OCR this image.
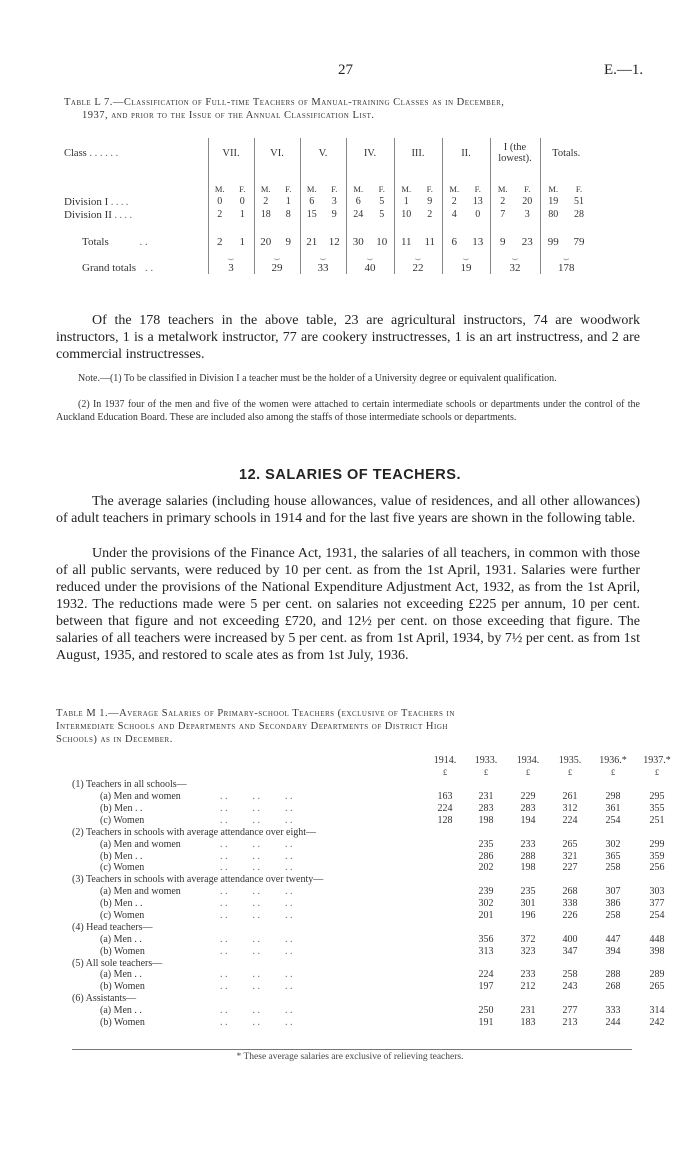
27	E.—1.
Table L 7.—Classification of Full-time Teachers of Manual-training Classes as in December,
1937, and prior to the Issue of the Annual Classification List.
Class . . . . . .	VII.		VI.		V.		IV.		III.		II.		I (the lowest).		Totals.	

	M.	F.	M.	F.	M.	F.	M.	F.	M.	F.	M.	F.	M.	F.	M.	F.
Division I . . . .	0	0	2	1	6	3	6	5	1	9	2	13	2	20	19	51
Division II . . . .	2	1	18	8	15	9	24	5	10	2	4	0	7	3	80	28

Totals . .	2	1	20	9	21	12	30	10	11	11	6	13	9	23	99	79
	⏟		⏟		⏟		⏟		⏟		⏟		⏟		⏟	
Grand totals . .	3		29		33		40		22		19		32		178	
Of the 178 teachers in the above table, 23 are agricultural instructors, 74 are woodwork instructors, 1 is a metalwork instructor, 77 are cookery instructresses, 1 is an art instructress, and 2 are commercial instructresses.
Note.—(1) To be classified in Division I a teacher must be the holder of a University degree or equivalent qualification.
(2) In 1937 four of the men and five of the women were attached to certain intermediate schools or departments under the control of the Auckland Education Board. These are included also among the staffs of those intermediate schools or departments.
12. SALARIES OF TEACHERS.
The average salaries (including house allowances, value of residences, and all other allowances) of adult teachers in primary schools in 1914 and for the last five years are shown in the following table.
Under the provisions of the Finance Act, 1931, the salaries of all teachers, in common with those of all public servants, were reduced by 10 per cent. as from the 1st April, 1931. Salaries were further reduced under the provisions of the National Expenditure Adjustment Act, 1932, as from the 1st April, 1932. The reductions made were 5 per cent. on salaries not exceeding £225 per annum, 10 per cent. between that figure and not exceeding £720, and 12½ per cent. on those exceeding that figure. The salaries of all teachers were increased by 5 per cent. as from 1st April, 1934, by 7½ per cent. as from 1st August, 1935, and restored to scale ates as from 1st July, 1936.
Table M 1.—Average Salaries of Primary-school Teachers (exclusive of Teachers in
Intermediate Schools and Departments and Secondary Departments of District High
Schools) as in December.
	1914.	1933.	1934.	1935.	1936.*	1937.*
	£	£	£	£	£	£
(1) Teachers in all schools—						
(a) Men and women . .          . .          . .	163	231	229	261	298	295
(b) Men . . . .          . .          . .	224	283	283	312	361	355
(c) Women . .          . .          . .	128	198	194	224	254	251
(2) Teachers in schools with average attendance over eight—						
(a) Men and women . .          . .          . .		235	233	265	302	299
(b) Men . . . .          . .          . .		286	288	321	365	359
(c) Women . .          . .          . .		202	198	227	258	256
(3) Teachers in schools with average attendance over twenty—						
(a) Men and women . .          . .          . .		239	235	268	307	303
(b) Men . . . .          . .          . .		302	301	338	386	377
(c) Women . .          . .          . .		201	196	226	258	254
(4) Head teachers—						
(a) Men . . . .          . .          . .		356	372	400	447	448
(b) Women . .          . .          . .		313	323	347	394	398
(5) All sole teachers—						
(a) Men . . . .          . .          . .		224	233	258	288	289
(b) Women . .          . .          . .		197	212	243	268	265
(6) Assistants—						
(a) Men . . . .          . .          . .		250	231	277	333	314
(b) Women . .          . .          . .		191	183	213	244	242
* These average salaries are exclusive of relieving teachers.
